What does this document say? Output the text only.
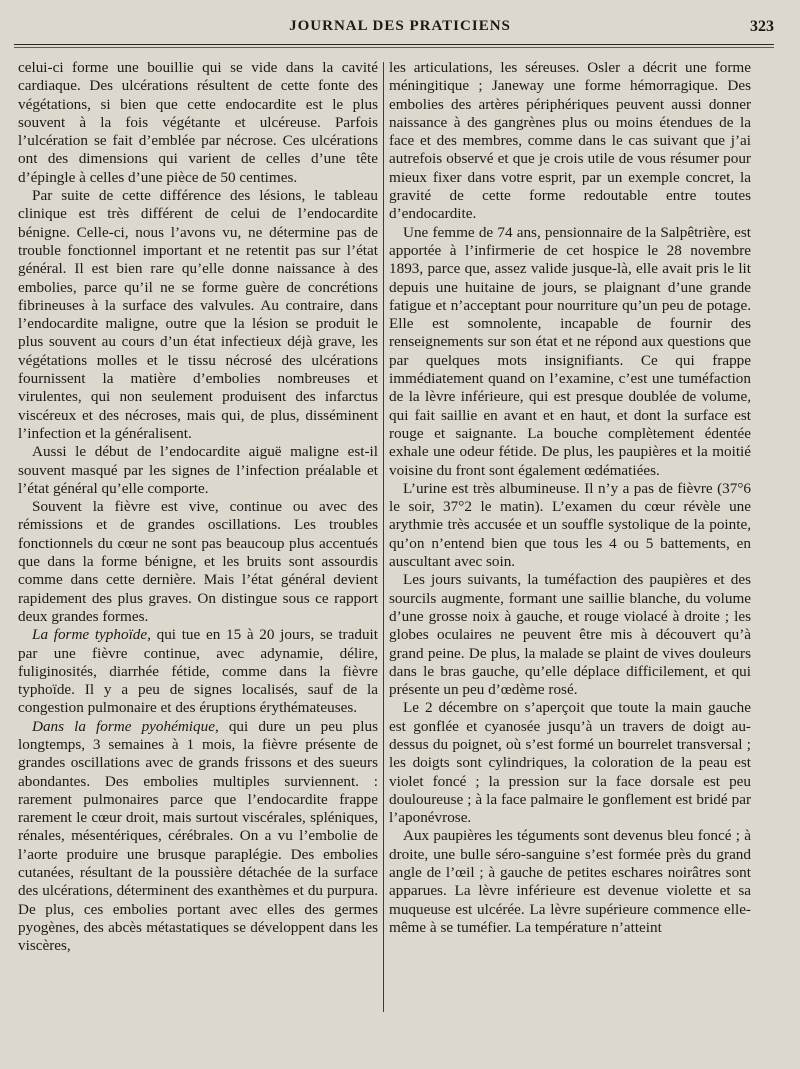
JOURNAL DES PRATICIENS	323

celui-ci forme une bouillie qui se vide dans la cavité cardiaque. Des ulcérations résultent de cette fonte des végétations, si bien que cette endocardite est le plus souvent à la fois végétante et ulcéreuse. Parfois l’ulcération se fait d’emblée par nécrose. Ces ulcérations ont des dimensions qui varient de celles d’une tête d’épingle à celles d’une pièce de 50 centimes.

Par suite de cette différence des lésions, le tableau clinique est très différent de celui de l’endocardite bénigne. Celle-ci, nous l’avons vu, ne détermine pas de trouble fonctionnel important et ne retentit pas sur l’état général. Il est bien rare qu’elle donne naissance à des embolies, parce qu’il ne se forme guère de concrétions fibrineuses à la surface des valvules. Au contraire, dans l’endocardite maligne, outre que la lésion se produit le plus souvent au cours d’un état infectieux déjà grave, les végétations molles et le tissu nécrosé des ulcérations fournissent la matière d’embolies nombreuses et virulentes, qui non seulement produisent des infarctus viscéreux et des nécroses, mais qui, de plus, disséminent l’infection et la généralisent.

Aussi le début de l’endocardite aiguë maligne est-il souvent masqué par les signes de l’infection préalable et l’état général qu’elle comporte.

Souvent la fièvre est vive, continue ou avec des rémissions et de grandes oscillations. Les troubles fonctionnels du cœur ne sont pas beaucoup plus accentués que dans la forme bénigne, et les bruits sont assourdis comme dans cette dernière. Mais l’état général devient rapidement des plus graves. On distingue sous ce rapport deux grandes formes.

La forme typhoïde, qui tue en 15 à 20 jours, se traduit par une fièvre continue, avec adynamie, délire, fuliginosités, diarrhée fétide, comme dans la fièvre typhoïde. Il y a peu de signes localisés, sauf de la congestion pulmonaire et des éruptions érythémateuses.

Dans la forme pyohémique, qui dure un peu plus longtemps, 3 semaines à 1 mois, la fièvre présente de grandes oscillations avec de grands frissons et des sueurs abondantes. Des embolies multiples surviennent. : rarement pulmonaires parce que l’endocardite frappe rarement le cœur droit, mais surtout viscérales, spléniques, rénales, mésentériques, cérébrales. On a vu l’embolie de l’aorte produire une brusque paraplégie. Des embolies cutanées, résultant de la poussière détachée de la surface des ulcérations, déterminent des exanthèmes et du purpura. De plus, ces embolies portant avec elles des germes pyogènes, des abcès métastatiques se développent dans les viscères,

les articulations, les séreuses. Osler a décrit une forme méningitique ; Janeway une forme hémorragique. Des embolies des artères périphériques peuvent aussi donner naissance à des gangrènes plus ou moins étendues de la face et des membres, comme dans le cas suivant que j’ai autrefois observé et que je crois utile de vous résumer pour mieux fixer dans votre esprit, par un exemple concret, la gravité de cette forme redoutable entre toutes d’endocardite.

Une femme de 74 ans, pensionnaire de la Salpêtrière, est apportée à l’infirmerie de cet hospice le 28 novembre 1893, parce que, assez valide jusque-là, elle avait pris le lit depuis une huitaine de jours, se plaignant d’une grande fatigue et n’acceptant pour nourriture qu’un peu de potage. Elle est somnolente, incapable de fournir des renseignements sur son état et ne répond aux questions que par quelques mots insignifiants. Ce qui frappe immédiatement quand on l’examine, c’est une tuméfaction de la lèvre inférieure, qui est presque doublée de volume, qui fait saillie en avant et en haut, et dont la surface est rouge et saignante. La bouche complètement édentée exhale une odeur fétide. De plus, les paupières et la moitié voisine du front sont également œdématiées.

L’urine est très albumineuse. Il n’y a pas de fièvre (37°6 le soir, 37°2 le matin). L’examen du cœur révèle une arythmie très accusée et un souffle systolique de la pointe, qu’on n’entend bien que tous les 4 ou 5 battements, en auscultant avec soin.

Les jours suivants, la tuméfaction des paupières et des sourcils augmente, formant une saillie blanche, du volume d’une grosse noix à gauche, et rouge violacé à droite ; les globes oculaires ne peuvent être mis à découvert qu’à grand peine. De plus, la malade se plaint de vives douleurs dans le bras gauche, qu’elle déplace difficilement, et qui présente un peu d’œdème rosé.

Le 2 décembre on s’aperçoit que toute la main gauche est gonflée et cyanosée jusqu’à un travers de doigt au-dessus du poignet, où s’est formé un bourrelet transversal ; les doigts sont cylindriques, la coloration de la peau est violet foncé ; la pression sur la face dorsale est peu douloureuse ; à la face palmaire le gonflement est bridé par l’aponévrose.

Aux paupières les téguments sont devenus bleu foncé ; à droite, une bulle séro-sanguine s’est formée près du grand angle de l’œil ; à gauche de petites eschares noirâtres sont apparues. La lèvre inférieure est devenue violette et sa muqueuse est ulcérée. La lèvre supérieure commence elle-même à se tuméfier. La température n’atteint
